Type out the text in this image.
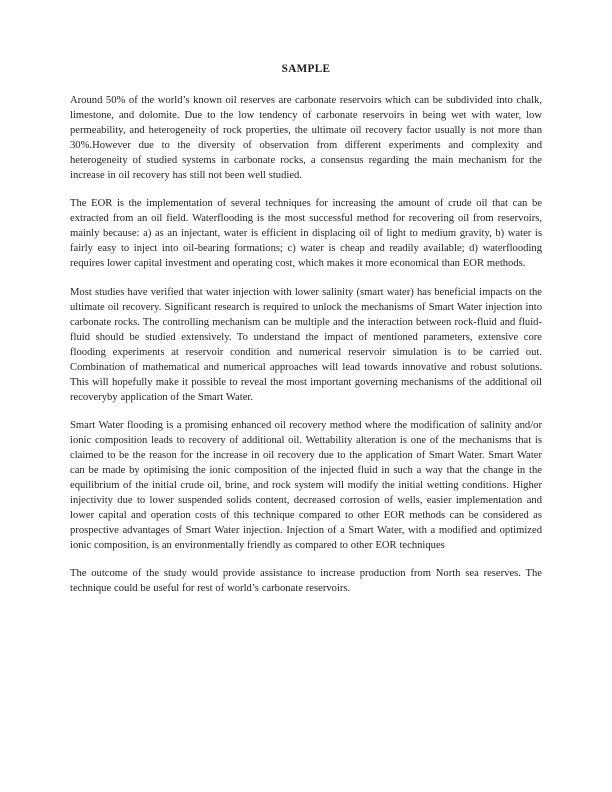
SAMPLE

Around 50% of the world’s known oil reserves are carbonate reservoirs which can be subdivided into chalk, limestone, and dolomite. Due to the low tendency of carbonate reservoirs in being wet with water, low permeability, and heterogeneity of rock properties, the ultimate oil recovery factor usually is not more than 30%.However due to the diversity of observation from different experiments and complexity and heterogeneity of studied systems in carbonate rocks, a consensus regarding the main mechanism for the increase in oil recovery has still not been well studied.

The EOR is the implementation of several techniques for increasing the amount of crude oil that can be extracted from an oil field. Waterflooding is the most successful method for recovering oil from reservoirs, mainly because: a) as an injectant, water is efficient in displacing oil of light to medium gravity, b) water is fairly easy to inject into oil-bearing formations; c) water is cheap and readily available; d) waterflooding requires lower capital investment and operating cost, which makes it more economical than EOR methods.

Most studies have verified that water injection with lower salinity (smart water) has beneficial impacts on the ultimate oil recovery. Significant research is required to unlock the mechanisms of Smart Water injection into carbonate rocks. The controlling mechanism can be multiple and the interaction between rock-fluid and fluid-fluid should be studied extensively. To understand the impact of mentioned parameters, extensive core flooding experiments at reservoir condition and numerical reservoir simulation is to be carried out. Combination of mathematical and numerical approaches will lead towards innovative and robust solutions. This will hopefully make it possible to reveal the most important governing mechanisms of the additional oil recoveryby application of the Smart Water.

Smart Water flooding is a promising enhanced oil recovery method where the modification of salinity and/or ionic composition leads to recovery of additional oil. Wettability alteration is one of the mechanisms that is claimed to be the reason for the increase in oil recovery due to the application of Smart Water. Smart Water can be made by optimising the ionic composition of the injected fluid in such a way that the change in the equilibrium of the initial crude oil, brine, and rock system will modify the initial wetting conditions. Higher injectivity due to lower suspended solids content, decreased corrosion of wells, easier implementation and lower capital and operation costs of this technique compared to other EOR methods can be considered as prospective advantages of Smart Water injection. Injection of a Smart Water, with a modified and optimized ionic composition, is an environmentally friendly as compared to other EOR techniques

The outcome of the study would provide assistance to increase production from North sea reserves. The technique could be useful for rest of world’s carbonate reservoirs.
